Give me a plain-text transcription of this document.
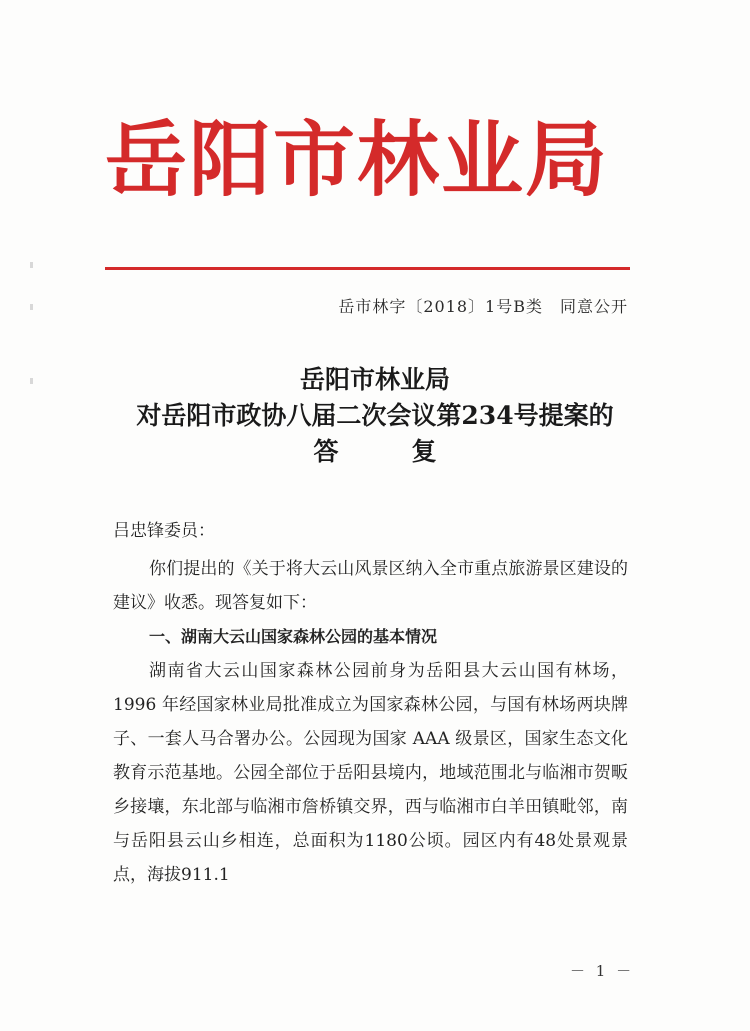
岳阳市林业局
岳市林字〔2018〕1号B类　同意公开
岳阳市林业局
对岳阳市政协八届二次会议第234号提案的
答　复

吕忠锋委员：

你们提出的《关于将大云山风景区纳入全市重点旅游景区建设的建议》收悉。现答复如下：

一、湖南大云山国家森林公园的基本情况

湖南省大云山国家森林公园前身为岳阳县大云山国有林场， 1996 年经国家林业局批准成立为国家森林公园，与国有林场两块牌子、一套人马合署办公。公园现为国家 AAA 级景区，国家生态文化教育示范基地。公园全部位于岳阳县境内，地域范围北与临湘市贺畈乡接壤，东北部与临湘市詹桥镇交界，西与临湘市白羊田镇毗邻，南与岳阳县云山乡相连，总面积为1180公顷。园区内有48处景观景点，海拔911.1

－ 1 －
